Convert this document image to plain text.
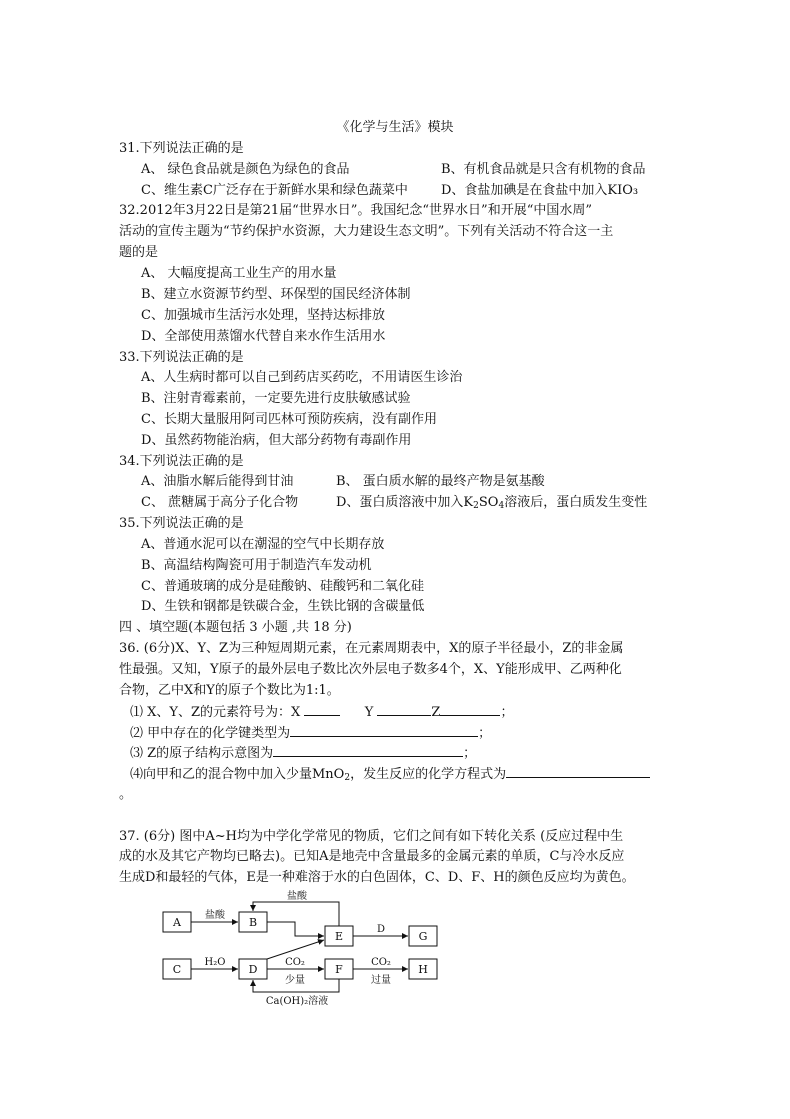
《化学与生活》模块
31.下列说法正确的是
A、 绿色食品就是颜色为绿色的食品	B、有机食品就是只含有机物的食品
C、维生素C广泛存在于新鲜水果和绿色蔬菜中	D、食盐加碘是在食盐中加入KIO₃
32.2012年3月22日是第21届“世界水日”。我国纪念“世界水日”和开展“中国水周”
活动的宣传主题为“节约保护水资源，大力建设生态文明”。下列有关活动不符合这一主
题的是
A、 大幅度提高工业生产的用水量
B、建立水资源节约型、环保型的国民经济体制
C、加强城市生活污水处理，坚持达标排放
D、全部使用蒸馏水代替自来水作生活用水
33.下列说法正确的是
A、人生病时都可以自己到药店买药吃，不用请医生诊治
B、注射青霉素前，一定要先进行皮肤敏感试验
C、长期大量服用阿司匹林可预防疾病，没有副作用
D、虽然药物能治病，但大部分药物有毒副作用
34.下列说法正确的是
A、油脂水解后能得到甘油	B、 蛋白质水解的最终产物是氨基酸
C、 蔗糖属于高分子化合物	D、蛋白质溶液中加入$K_2SO_4$溶液后，蛋白质发生变性
35.下列说法正确的是
A、普通水泥可以在潮湿的空气中长期存放
B、高温结构陶瓷可用于制造汽车发动机
C、普通玻璃的成分是硅酸钠、硅酸钙和二氧化硅
D、生铁和钢都是铁碳合金，生铁比钢的含碳量低
四 、填空题(本题包括 3 小题 ,共 18 分)
36. (6分)X、Y、Z为三种短周期元素，在元素周期表中，X的原子半径最小，Z的非金属
性最强。又知，Y原子的最外层电子数比次外层电子数多4个，X、Y能形成甲、乙两种化
合物，乙中X和Y的原子个数比为1:1。
⑴ X、Y、Z的元素符号为：X	Y	Z	；
⑵ 甲中存在的化学键类型为	；
⑶ Z的原子结构示意图为	；
⑷向甲和乙的混合物中加入少量MnO$_2$，发生反应的化学方程式为
。
37. (6分) 图中A~H均为中学化学常见的物质，它们之间有如下转化关系 (反应过程中生
成的水及其它产物均已略去)。已知A是地壳中含量最多的金属元素的单质，C与冷水反应
生成D和最轻的气体，E是一种难溶于水的白色固体，C、D、F、H的颜色反应均为黄色。
A	B
C	D
E
F
G
H
盐酸
盐酸
H₂O
D
CO₂
少量
CO₂
过量
Ca(OH)₂溶液
